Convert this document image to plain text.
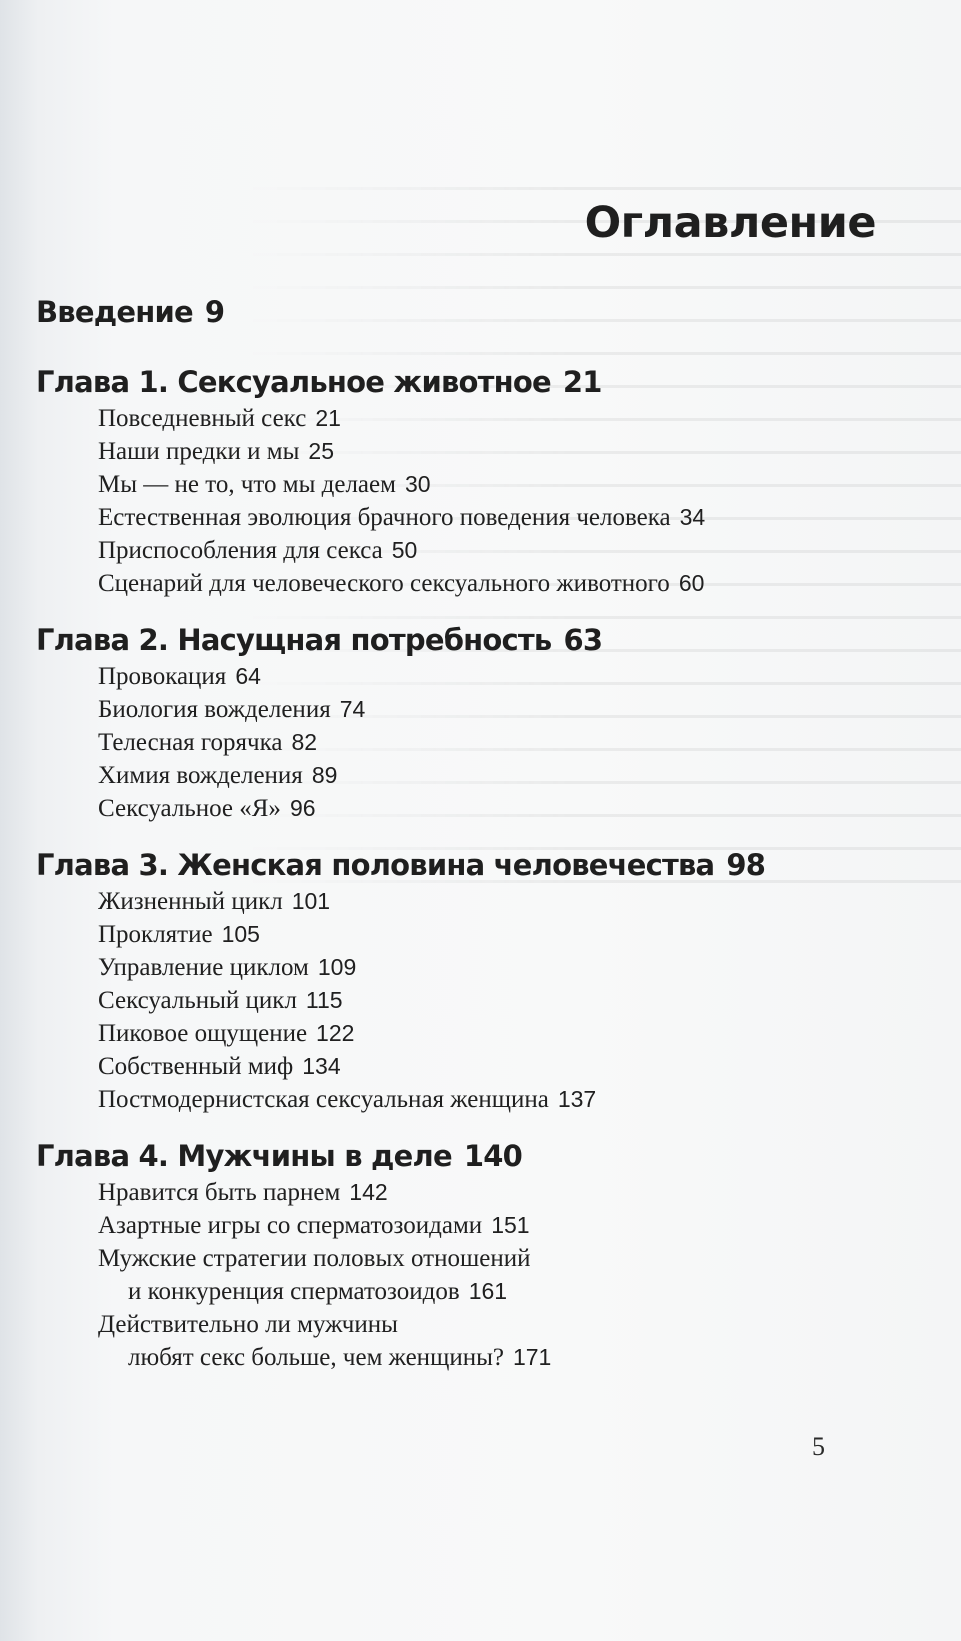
Оглавление
Введение 9
Глава 1. Сексуальное животное 21
Повседневный секс 21
Наши предки и мы 25
Мы — не то, что мы делаем 30
Естественная эволюция брачного поведения человека 34
Приспособления для секса 50
Сценарий для человеческого сексуального животного 60
Глава 2. Насущная потребность 63
Провокация 64
Биология вожделения 74
Телесная горячка 82
Химия вожделения 89
Сексуальное «Я» 96
Глава 3. Женская половина человечества 98
Жизненный цикл 101
Проклятие 105
Управление циклом 109
Сексуальный цикл 115
Пиковое ощущение 122
Собственный миф 134
Постмодернистская сексуальная женщина 137
Глава 4. Мужчины в деле 140
Нравится быть парнем 142
Азартные игры со сперматозоидами 151
Мужские стратегии половых отношений
и конкуренция сперматозоидов 161
Действительно ли мужчины
любят секс больше, чем женщины? 171
5
